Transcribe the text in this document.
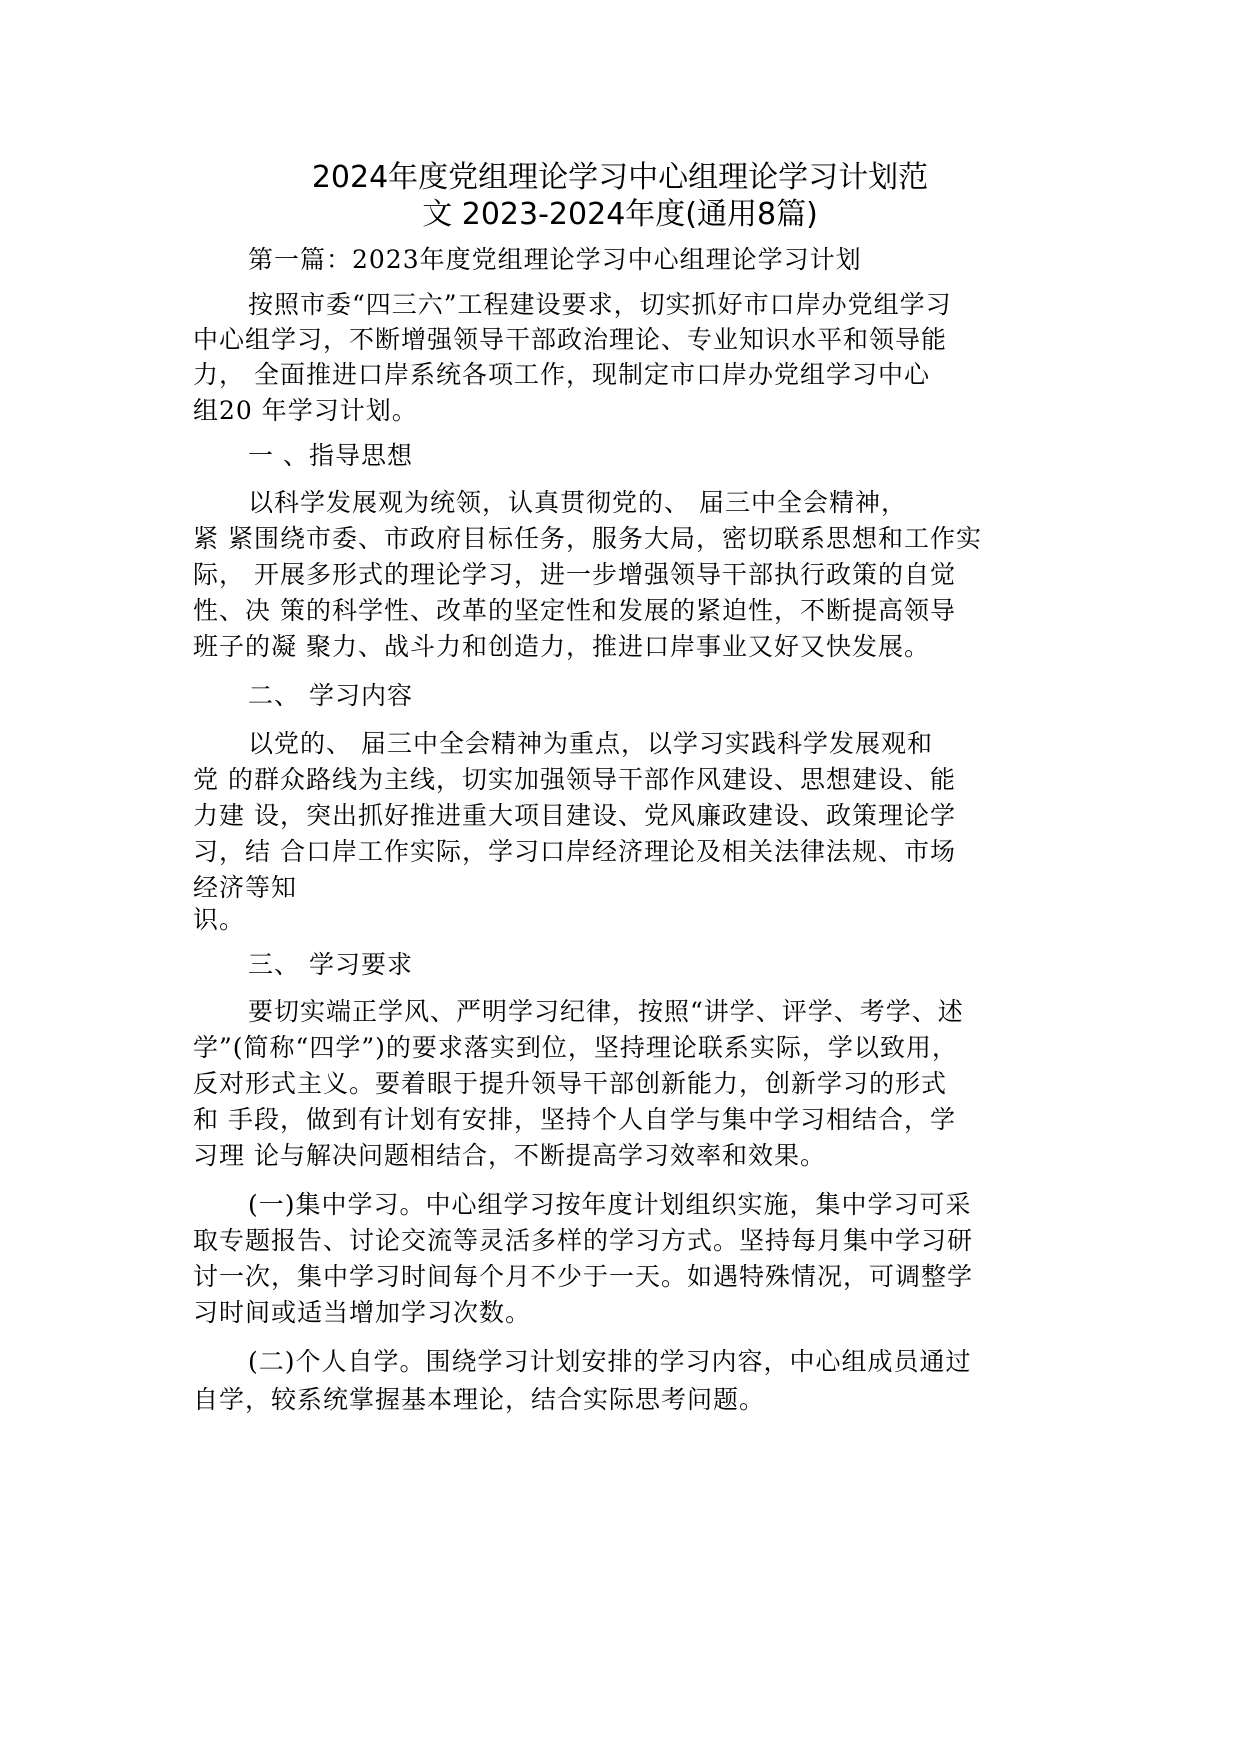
2024年度党组理论学习中心组理论学习计划范
文 2023-2024年度(通用8篇)
第一篇：2023年度党组理论学习中心组理论学习计划
按照市委“四三六”工程建设要求，切实抓好市口岸办党组学习
中心组学习，不断增强领导干部政治理论、专业知识水平和领导能
力， 全面推进口岸系统各项工作，现制定市口岸办党组学习中心
组20 年学习计划。
一 、指导思想
以科学发展观为统领，认真贯彻党的、 届三中全会精神，
紧 紧围绕市委、市政府目标任务，服务大局，密切联系思想和工作实
际， 开展多形式的理论学习，进一步增强领导干部执行政策的自觉
性、决 策的科学性、改革的坚定性和发展的紧迫性，不断提高领导
班子的凝 聚力、战斗力和创造力，推进口岸事业又好又快发展。
二、 学习内容
以党的、 届三中全会精神为重点，以学习实践科学发展观和
党 的群众路线为主线，切实加强领导干部作风建设、思想建设、能
力建 设，突出抓好推进重大项目建设、党风廉政建设、政策理论学
习，结 合口岸工作实际，学习口岸经济理论及相关法律法规、市场
经济等知
识。
三、 学习要求
要切实端正学风、严明学习纪律，按照“讲学、评学、考学、述
学”(简称“四学”)的要求落实到位，坚持理论联系实际，学以致用，
反对形式主义。要着眼于提升领导干部创新能力，创新学习的形式
和 手段，做到有计划有安排，坚持个人自学与集中学习相结合，学
习理 论与解决问题相结合，不断提高学习效率和效果。
(一)集中学习。中心组学习按年度计划组织实施，集中学习可采
取专题报告、讨论交流等灵活多样的学习方式。坚持每月集中学习研
讨一次，集中学习时间每个月不少于一天。如遇特殊情况，可调整学
习时间或适当增加学习次数。
(二)个人自学。围绕学习计划安排的学习内容，中心组成员通过
自学，较系统掌握基本理论，结合实际思考问题。
